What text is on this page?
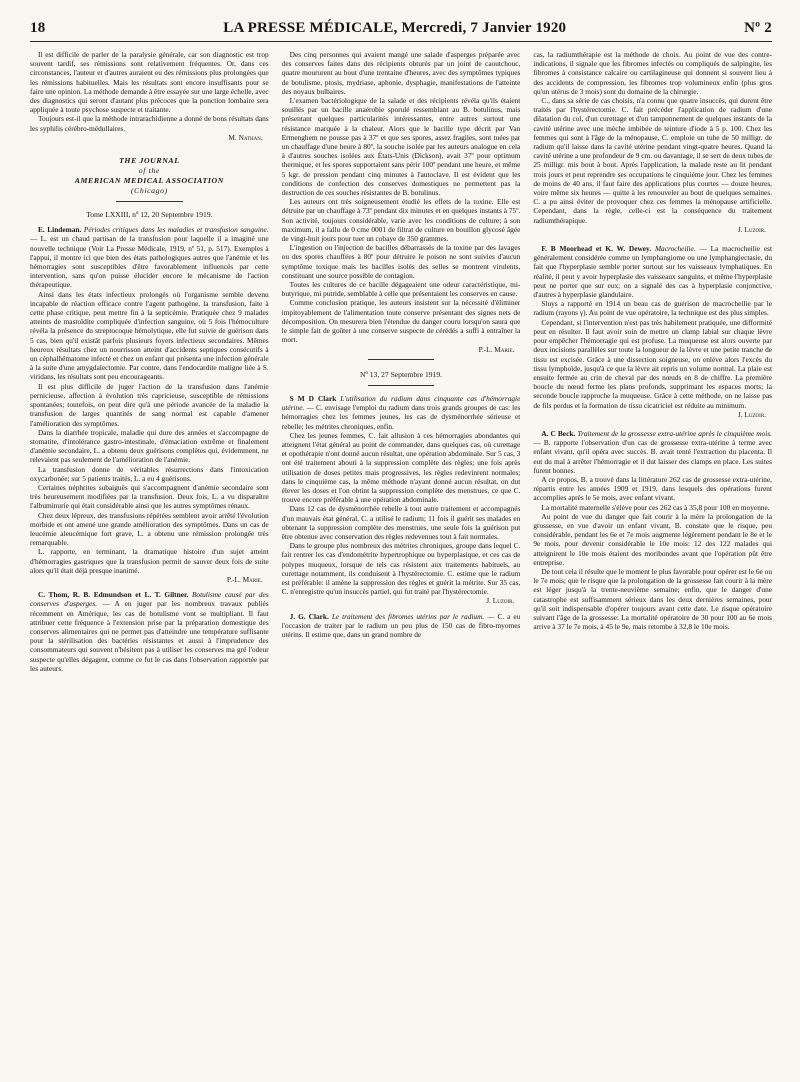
18	LA PRESSE MÉDICALE, Mercredi, 7 Janvier 1920	Nº 2

Il est difficile de parler de la paralysie générale, car son diagnostic est trop souvent tardif, ses rémissions sont relativement fréquentes. Or, dans ces circonstances, l'auteur et d'autres auraient eu des rémissions plus prolongées que les rémissions habituelles. Mais les résultats sont encore insuffisants pour se faire une opinion. La méthode demande à être essayée sur une large échelle, avec des diagnostics qui seront d'autant plus précoces que la ponction lombaire sera appliquée à toute psychose suspecte et traitante.

Toujours est-il que la méthode intrarachidienne a donné de bons résultats dans les syphilis cérébro-médullaires.

M. Nathan.

THE JOURNAL
of the
AMERICAN MEDICAL ASSOCIATION
(Chicago)

Tome LXXIII, nº 12, 20 Septembre 1919.

E. Lindeman. Périodes critiques dans les maladies et transfusion sanguine. — L. est un chaud partisan de la transfusion pour laquelle il a imaginé une nouvelle technique (Voir La Presse Médicale, 1919, nº 51, p. 517). Exemples à l'appui, il montre ici que bien des états pathologiques autres que l'anémie et les hémorragies sont susceptibles d'être favorablement influencés par cette intervention, sans qu'on puisse élucider encore le mécanisme de l'action thérapeutique.

Ainsi dans les états infectieux prolongés où l'organisme semble devenu incapable de réaction efficace contre l'agent pathogène, la transfusion, faite à cette phase critique, peut mettre fin à la septicémie. Pratiquée chez 9 malades atteints de mastoïdite compliquée d'infection sanguine, où 5 fois l'hémoculture révéla la présence du streptocoque hémolytique, elle fut suivie de guérison dans 5 cas, bien qu'il existât parfois plusieurs foyers infectieux secondaires. Mêmes heureux résultats chez un nourrisson atteint d'accidents septiques consécutifs à un céphalhématome infecté et chez un enfant qui présenta une infection générale à la suite d'une amygdalectomie. Par contre, dans l'endocardite maligne liée à S. viridans, les résultats sont peu encourageants.

Il est plus difficile de juger l'action de la transfusion dans l'anémie pernicieuse, affection à évolution très capricieuse, susceptible de rémissions spontanées; toutefois, on peut dire qu'à une période avancée de la maladie la transfusion de larges quantités de sang normal est capable d'amener l'amélioration des symptômes.

Dans la diarrhée tropicale, maladie qui dure des années et s'accompagne de stomatite, d'intolérance gastro-intestinale, d'émaciation extrême et finalement d'anémie secondaire, L. a obtenu deux guérisons complètes qui, évidemment, ne relevaient pas seulement de l'amélioration de l'anémie.

La transfusion donne de véritables résurrections dans l'intoxication oxycarbonée; sur 5 patients traités, L. a eu 4 guérisons.

Certaines néphrites subaiguës qui s'accompagnent d'anémie secondaire sont très heureusement modifiées par la transfusion. Deux fois, L. a vu disparaître l'albuminurie qui était considérable ainsi que les autres symptômes rénaux.

Chez deux lépreux, des transfusions répétées semblent avoir arrêté l'évolution morbide et ont amené une grande amélioration des symptômes. Dans un cas de leucémie aleucémique fort grave, L. a obtenu une rémission prolongée très remarquable.

L. rapporte, en terminant, la dramatique histoire d'un sujet atteint d'hémorragies gastriques que la transfusion permit de sauver deux fois de suite alors qu'il était déjà presque inanimé.

P.-L. Marie.

C. Thom, R. B. Edmundson et L. T. Giltner. Botulisme causé par des conserves d'asperges. — A en juger par les nombreux travaux publiés récemment en Amérique, les cas de botulisme vont se multipliant. Il faut attribuer cette fréquence à l'extension prise par la préparation domestique des conserves alimentaires qui ne permet pas d'atteindre une température suffisante pour la stérilisation des bactéries résistantes et aussi à l'imprudence des consommateurs qui souvent n'hésitent pas à utiliser les conserves ma gré l'odeur suspecte qu'elles dégagent, comme ce fut le cas dans l'observation rapportée par les auteurs.

Des cinq personnes qui avaient mangé une salade d'asperges préparée avec des conserves faites dans des récipients obturés par un joint de caoutchouc, quatre moururent au bout d'une trentaine d'heures, avec des symptômes typiques de botulisme, ptosis, mydriase, aphonie, dysphagie, manifestations de l'atteinte des noyaux bulbaires.

L'examen bactériologique de la salade et des récipients révéla qu'ils étaient souillés par un bacille anaérobie sporulé ressemblant au B. botulinus, mais présentant quelques particularités intéressantes, entre autres surtout une résistance marquée à la chaleur. Alors que le bacille type décrit par Van Ermenghem ne pousse pas à 37º et que ses spores, assez fragiles, sont tuées par un chauffage d'une heure à 80º, la souche isolée par les auteurs analogue en cela à d'autres souches isolées aux États-Unis (Dickson), avait 37º pour optimum thermique, et les spores supportaient sans périr 100º pendant une heure, et même 5 kgr. de pression pendant cinq minutes à l'autoclave. Il est évident que les conditions de confection des conserves domestiques ne permettent pas la destruction de ces souches résistantes de B. botulinus.

Les auteurs ont très soigneusement étudié les effets de la toxine. Elle est détruite par un chauffage à 73º pendant dix minutes et en quelques instants à 75º. Son activité, toujours considérable, varie avec les conditions de culture; à son maximum, il a fallu de 0 cme 0001 de filtrat de culture en bouillon glycosé âgée de vingt-huit jours pour tuer un cobaye de 350 grammes.

L'ingestion ou l'injection de bacilles débarrassés de la toxine par des lavages ou des spores chauffées à 80º pour détruire le poison ne sont suivies d'aucun symptôme toxique mais les bacilles isolés des selles se montrent virulents, constituant une source possible de contagion.

Toutes les cultures de ce bacille dégageaient une odeur caractéristique, mi-butyrique, mi putride, semblable à celle que présentaient les conserves en cause.

Comme conclusion pratique, les auteurs insistent sur la nécessité d'éliminer impitoyablement de l'alimentation toute conserve présentant des signes nets de décomposition. On mesurera bien l'étendue du danger couru lorsqu'on saura que le simple fait de goûter à une conserve suspecte de cérédés a suffi à entraîner la mort.

P.-L. Marie.

Nº 13, 27 Septembre 1919.

S M D Clark L'utilisation du radium dans cinquante cas d'hémorragie utérine. — C. envisage l'emploi du radium dans trois grands groupes de cas: les hémorragies chez les femmes jeunes, les cas de dysménorrhée sérieuse et rebelle; les métrites chroniques, enfin.

Chez les jeunes femmes, C. fait allusion à ces hémorragies abondantes qui atteignent l'état général au point de commander, dans quelques cas, où curettage et opothérapie n'ont donné aucun résultat, une opération abdominale. Sur 5 cas, 3 ont été traitement abouti à la suppression complète des règles; une fois après utilisation de doses petites mais progressives, les règles redevinrent normales; dans le cinquième cas, la même méthode n'ayant donné aucun résultat, on dut élever les doses et l'on obtint la suppression complète des menstrues, ce que C. trouve encore préférable à une opération abdominale.

Dans 12 cas de dysménorrhée rebelle à tout autre traitement et accompagnés d'un mauvais état général, C. a utilisé le radium; 11 fois il guérit ses malades en obtenant la suppression complète des menstrues, une seule fois la guérison put être obtenue avec conservation des règles redevenues tout à fait normales.

Dans le groupe plus nombreux des métrites chroniques, groupe dans lequel C. fait rentrer les cas d'endométrite hypertrophique ou hyperplasique, et ces cas de polypes muqueux, lorsque de tels cas résistent aux traitements habituels, au curettage notamment, ils conduisent à l'hystérectomie. C. estime que le radium est préférable: il amène la suppression des règles et guérit la métrite. Sur 35 cas, C. n'enregistre qu'un insuccès partiel, qui fut traité par l'hystérectomie.

J. Luzoir.

J. G. Clark. Le traitement des fibromes utérins par le radium. — C. a eu l'occasion de traiter par le radium un peu plus de 150 cas de fibro-myomes utérins. Il estime que, dans un grand nombre de

cas, la radiumthérapie est la méthode de choix. Au point de vue des contre-indications, il signale que les fibromes infectés ou compliqués de salpingite, les fibromes à consistance calcaire ou cartilagineuse qui donnent si souvent lieu à des accidents de compression, les fibromes trop volumineux enfin (plus gros qu'un utérus de 3 mois) sont du domaine de la chirurgie.

C., dans sa série de cas choisis, n'a connu que quatre insuccès, qui durent être traités par l'hystérectomie. C. fait précéder l'application de radium d'une dilatation du col, d'un curettage et d'un tamponnement de quelques instants de la cavité utérine avec une mèche imbibée de teinture d'iode à 5 p. 100. Chez les femmes qui sont à l'âge de la ménopause, C. emploie un tube de 50 milligr. de radium qu'il laisse dans la cavité utérine pendant vingt-quatre heures. Quand la cavité utérine a une profondeur de 9 cm. ou davantage, il se sert de deux tubes de 25 milligr. mis bout à bout. Après l'application, la malade reste au lit pendant trois jours et peut reprendre ses occupations le cinquième jour. Chez les femmes de moins de 40 ans, il faut faire des applications plus courtes — douze heures, voire même six heures — quitte à les renouveler au bout de quelques semaines. C. a pu ainsi éviter de provoquer chez ces femmes la ménopause artificielle. Cependant, dans la règle, celle-ci est la conséquence du traitement radiumthérapique.

J. Luzoir.

F. B Moorhead et K. W. Dewey. Macrocheilie. — La macrocheilie est généralement considérée comme un lymphangiome ou une lymphangiectasie, du fait que l'hyperplasie semble porter surtout sur les vaisseaux lymphatiques. En réalité, il peut y avoir hyperplasie des vaisseaux sanguins, et même l'hyperplasie peut ne porter que sur eux; on a signalé des cas à hyperplasie conjonctive, d'autres à hyperplasie glandulaire.

Sluys a rapporté en 1914 un beau cas de guérison de macrocheilie par le radium (rayons γ). Au point de vue opératoire, la technique est des plus simples.

Cependant, si l'intervention n'est pas très habilement pratiquée, une difformité peut en résulter. Il faut avoir soin de mettre un clamp labial sur chaque lèvre pour empêcher l'hémorragie qui est profuse. La muqueuse est alors ouverte par deux incisions parallèles sur toute la longueur de la lèvre et une petite tranche de tissu est excisée. Grâce à une dissection soigneuse, on enlève alors l'excès du tissu lymphoïde, jusqu'à ce que la lèvre ait repris un volume normal. La plaie est ensuite fermée au crin de cheval par des nœuds en 8 de chiffre. La première boucle du nœud ferme les plans profonds, supprimant les espaces morts; la seconde boucle rapproche la muqueuse. Grâce à cette méthode, on ne laisse pas de fils perdus et la formation de tissu cicatriciel est réduite au minimum.

J. Luzoir.

A. C Beck. Traitement de la grossesse extra-utérine après le cinquième mois. — B. rapporte l'observation d'un cas de grossesse extra-utérine à terme avec enfant vivant, qu'il opéra avec succès. B. avait tenté l'extraction du placenta. Il eut du mal à arrêter l'hémorragie et il dut laisser des clamps en place. Les suites furent bonnes.

A ce propos, B. a trouvé dans la littérature 262 cas de grossesse extra-utérine, répartis entre les années 1909 et 1919, dans lesquels des opérations furent accomplies après le 5e mois, avec enfant vivant.

La mortalité maternelle s'élève pour ces 262 cas à 35,8 pour 100 en moyenne.

Au point de vue du danger que fait courir à la mère la prolongation de la grossesse, en vue d'avoir un enfant vivant, B. constate que le risque, peu considérable, pendant les 6e et 7e mois augmente légèrement pendant le 8e et le 9e mois, pour devenir considérable le 10e mois: 12 des 122 malades qui atteignirent le 10e mois étaient des moribondes avant que l'opération pût être entreprise.

De tout cela il résulte que le moment le plus favorable pour opérer est le 6e ou le 7e mois; que le risque que la prolongation de la grossesse fait courir à la mère est léger jusqu'à la trente-neuvième semaine; enfin, que le danger d'une catastrophe est suffisamment sérieux dans les deux dernières semaines, pour qu'il soit indispensable d'opérer toujours avant cette date. Le risque opératoire suivant l'âge de la grossesse: La mortalité opératoire de 30 pour 100 au 6e mois arrive à 37 le 7e mois, à 45 le 9e, mais retombe à 32,8 le 10e mois.
